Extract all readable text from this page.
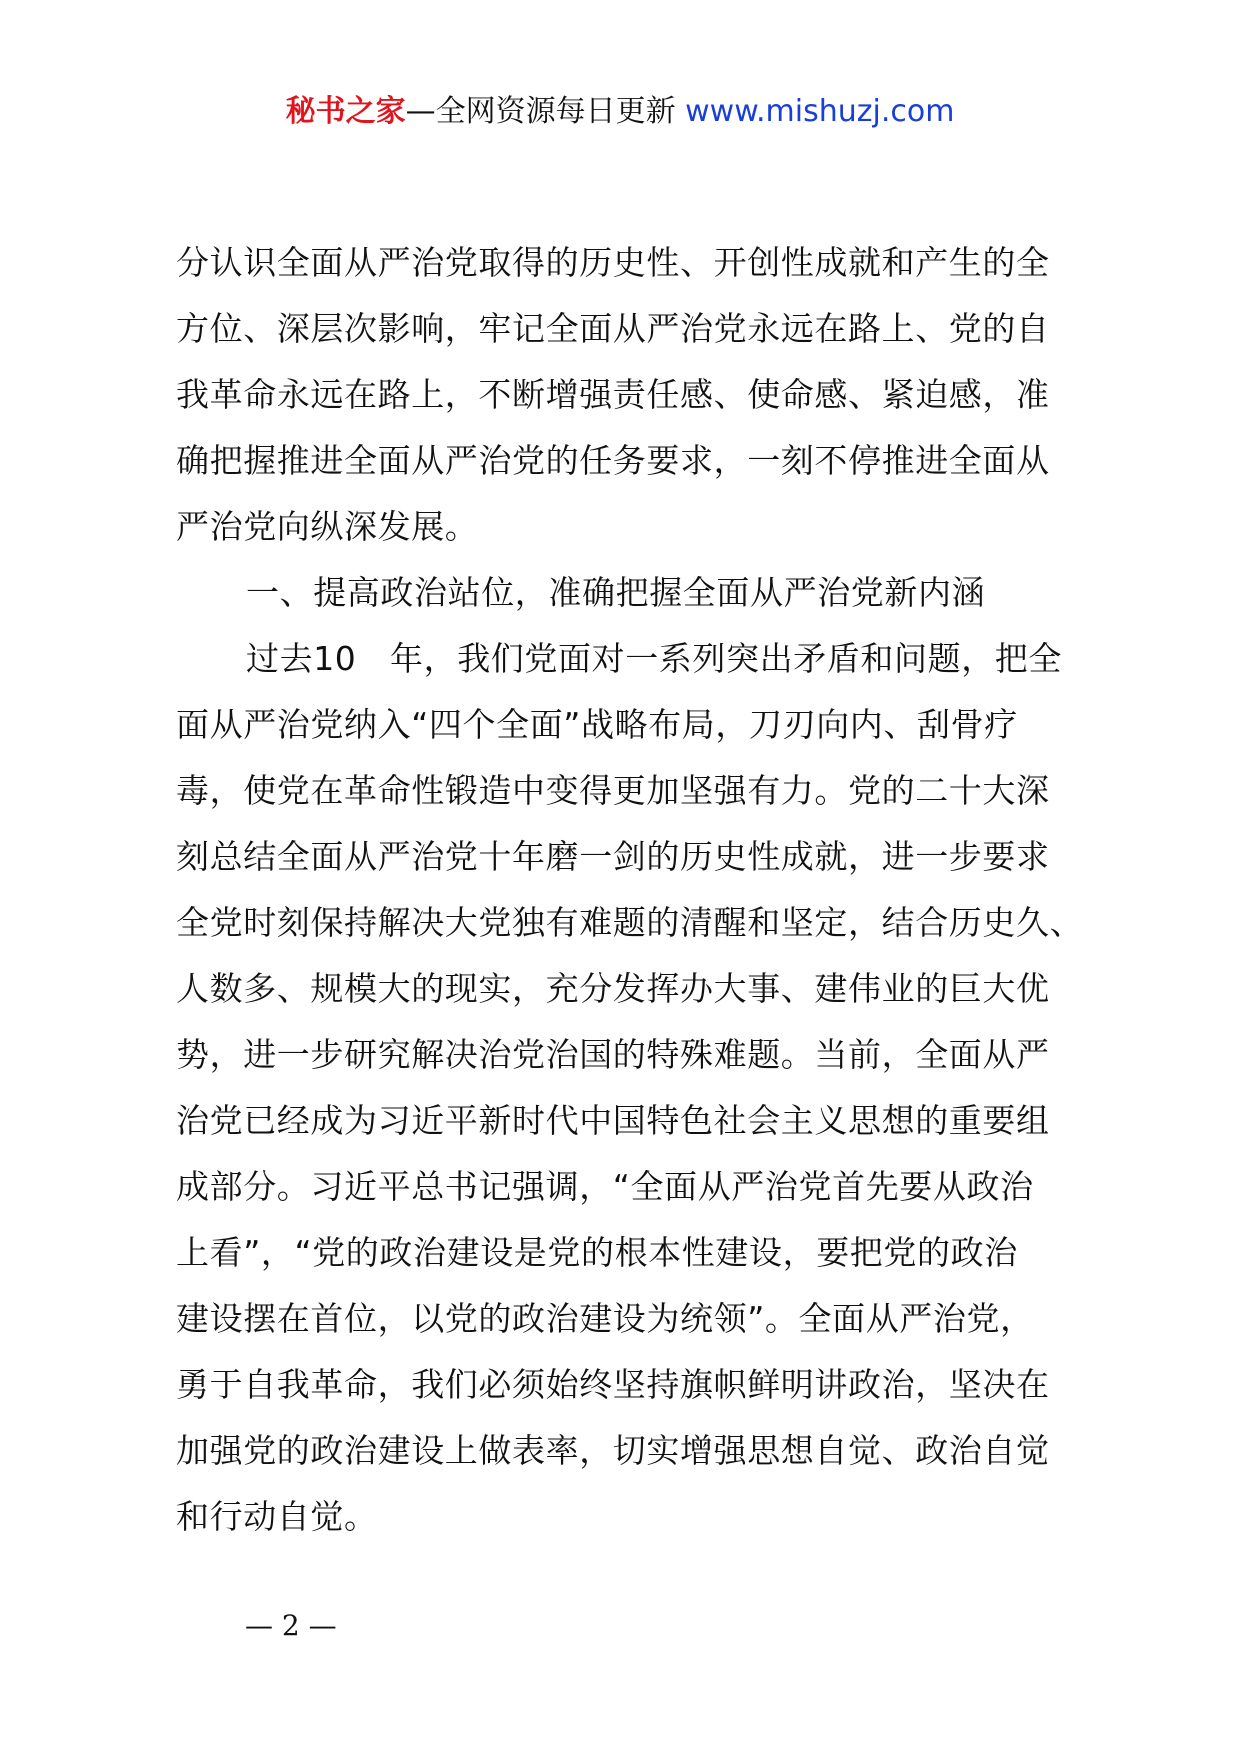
秘书之家—全网资源每日更新 www.mishuzj.com
分认识全面从严治党取得的历史性、开创性成就和产生的全
方位、深层次影响，牢记全面从严治党永远在路上、党的自
我革命永远在路上，不断增强责任感、使命感、紧迫感，准
确把握推进全面从严治党的任务要求，一刻不停推进全面从
严治党向纵深发展。
一、提高政治站位，准确把握全面从严治党新内涵
过去10　年，我们党面对一系列突出矛盾和问题，把全
面从严治党纳入“四个全面”战略布局，刀刃向内、刮骨疗
毒，使党在革命性锻造中变得更加坚强有力。党的二十大深
刻总结全面从严治党十年磨一剑的历史性成就，进一步要求
全党时刻保持解决大党独有难题的清醒和坚定，结合历史久、
人数多、规模大的现实，充分发挥办大事、建伟业的巨大优
势，进一步研究解决治党治国的特殊难题。当前，全面从严
治党已经成为习近平新时代中国特色社会主义思想的重要组
成部分。习近平总书记强调，“全面从严治党首先要从政治
上看”，“党的政治建设是党的根本性建设，要把党的政治
建设摆在首位，以党的政治建设为统领”。全面从严治党，
勇于自我革命，我们必须始终坚持旗帜鲜明讲政治，坚决在
加强党的政治建设上做表率，切实增强思想自觉、政治自觉
和行动自觉。
— 2 —
